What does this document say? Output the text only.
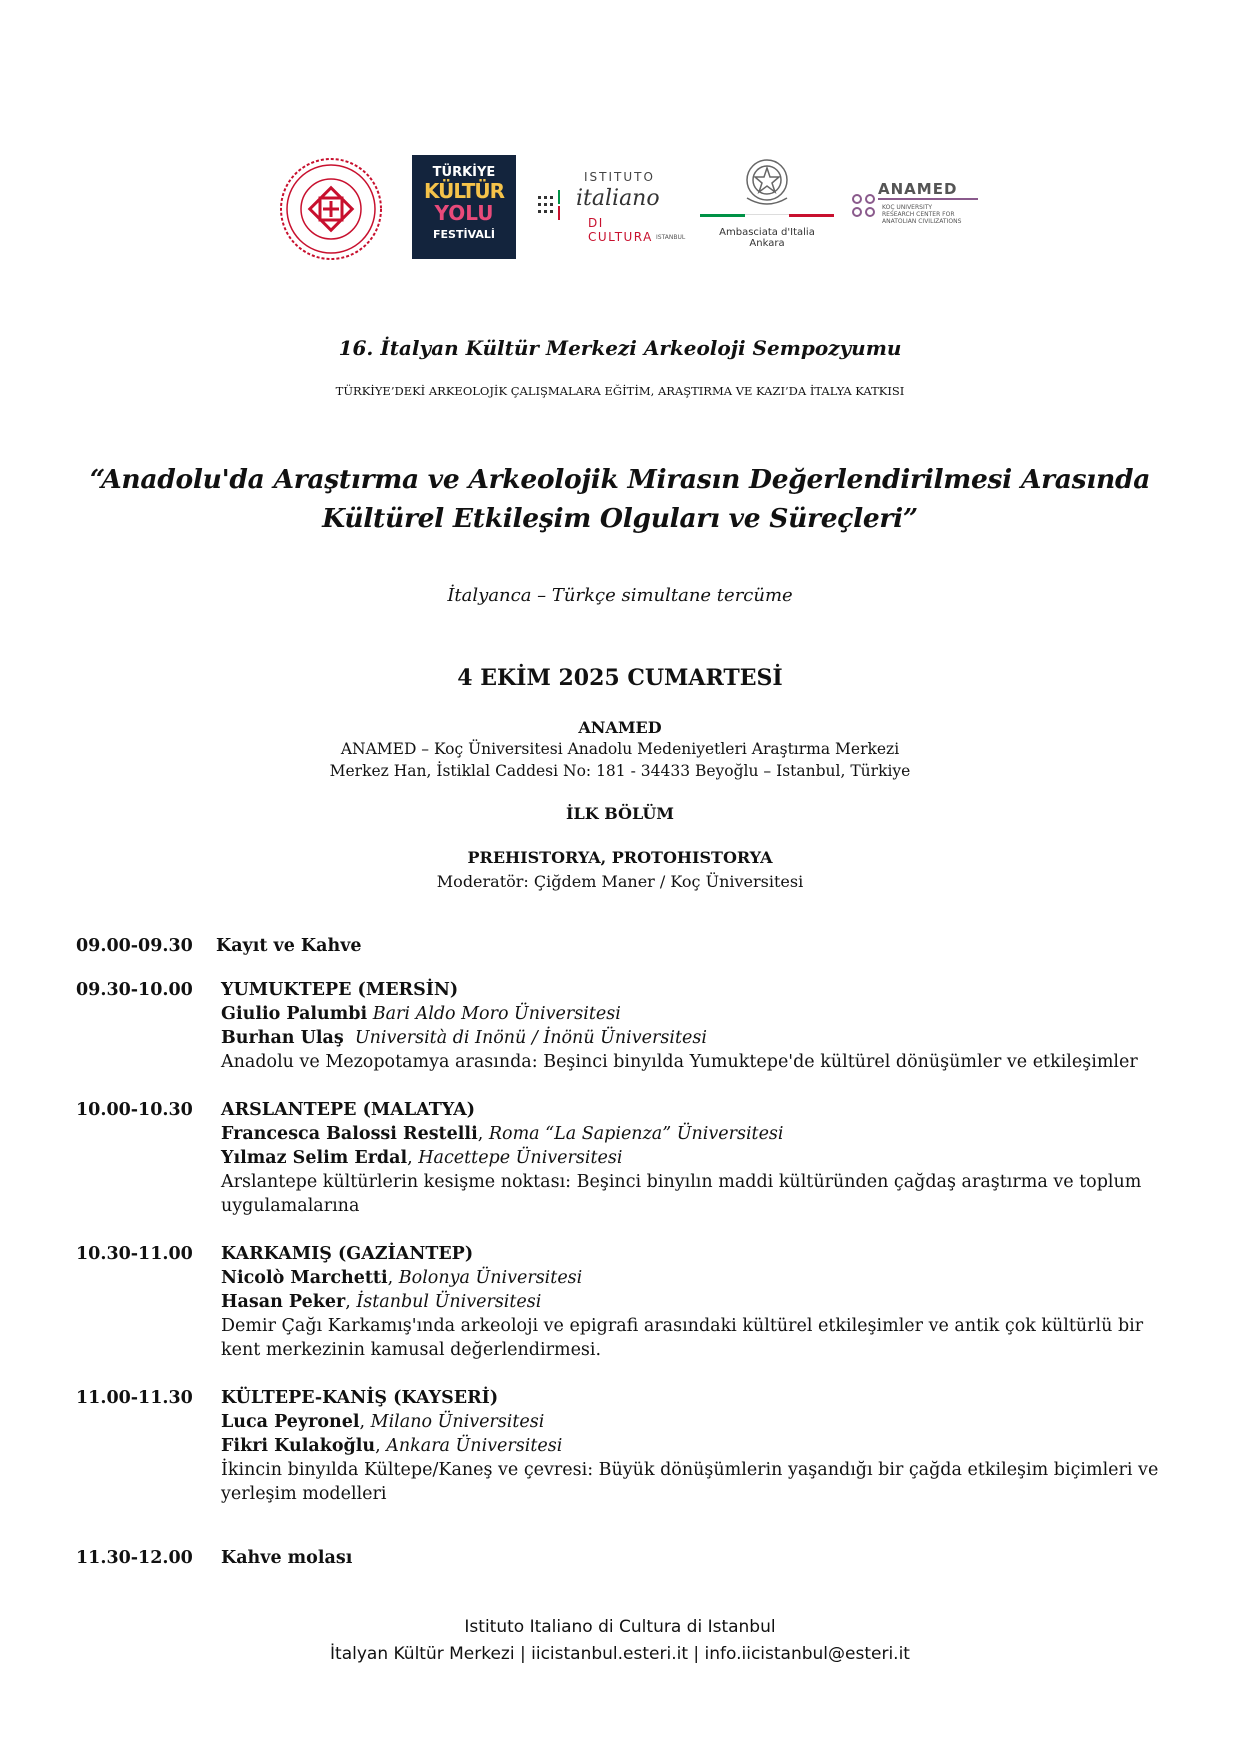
TÜRKİYE
KÜLTÜR
YOLU
FESTİVALİ
ISTITUTO
italiano
DI CULTURA ISTANBUL	Ambasciata d'Italia
Ankara
ANAMED
KOÇ UNIVERSITY
RESEARCH CENTER FOR
ANATOLIAN CIVILIZATIONS
16. İtalyan Kültür Merkezi Arkeoloji Sempozyumu
TÜRKİYE’DEKİ ARKEOLOJİK ÇALIŞMALARA EĞİTİM, ARAŞTIRMA VE KAZI’DA İTALYA KATKISI
“Anadolu'da Araştırma ve Arkeolojik Mirasın Değerlendirilmesi Arasında
Kültürel Etkileşim Olguları ve Süreçleri”
İtalyanca – Türkçe simultane tercüme
4 EKİM 2025 CUMARTESİ
ANAMED
ANAMED – Koç Üniversitesi Anadolu Medeniyetleri Araştırma Merkezi
Merkez Han, İstiklal Caddesi No: 181 - 34433 Beyoğlu – Istanbul, Türkiye
İLK BÖLÜM
PREHISTORYA, PROTOHISTORYA
Moderatör: Çiğdem Maner / Koç Üniversitesi
09.00-09.30	Kayıt ve Kahve
09.30-10.00	YUMUKTEPE (MERSİN)
Giulio Palumbi Bari Aldo Moro Üniversitesi
Burhan Ulaş Università di Inönü / İnönü Üniversitesi
Anadolu ve Mezopotamya arasında: Beşinci binyılda Yumuktepe'de kültürel dönüşümler ve etkileşimler
10.00-10.30	ARSLANTEPE (MALATYA)
Francesca Balossi Restelli, Roma “La Sapienza” Üniversitesi
Yılmaz Selim Erdal, Hacettepe Üniversitesi
Arslantepe kültürlerin kesişme noktası: Beşinci binyılın maddi kültüründen çağdaş araştırma ve toplum
uygulamalarına
10.30-11.00	KARKAMIŞ (GAZİANTEP)
Nicolò Marchetti, Bolonya Üniversitesi
Hasan Peker, İstanbul Üniversitesi
Demir Çağı Karkamış'ında arkeoloji ve epigrafi arasındaki kültürel etkileşimler ve antik çok kültürlü bir
kent merkezinin kamusal değerlendirmesi.
11.00-11.30	KÜLTEPE-KANİŞ (KAYSERİ)
Luca Peyronel, Milano Üniversitesi
Fikri Kulakoğlu, Ankara Üniversitesi
İkincin binyılda Kültepe/Kaneş ve çevresi: Büyük dönüşümlerin yaşandığı bir çağda etkileşim biçimleri ve
yerleşim modelleri
11.30-12.00	Kahve molası
Istituto Italiano di Cultura di Istanbul
İtalyan Kültür Merkezi | iicistanbul.esteri.it | info.iicistanbul@esteri.it
